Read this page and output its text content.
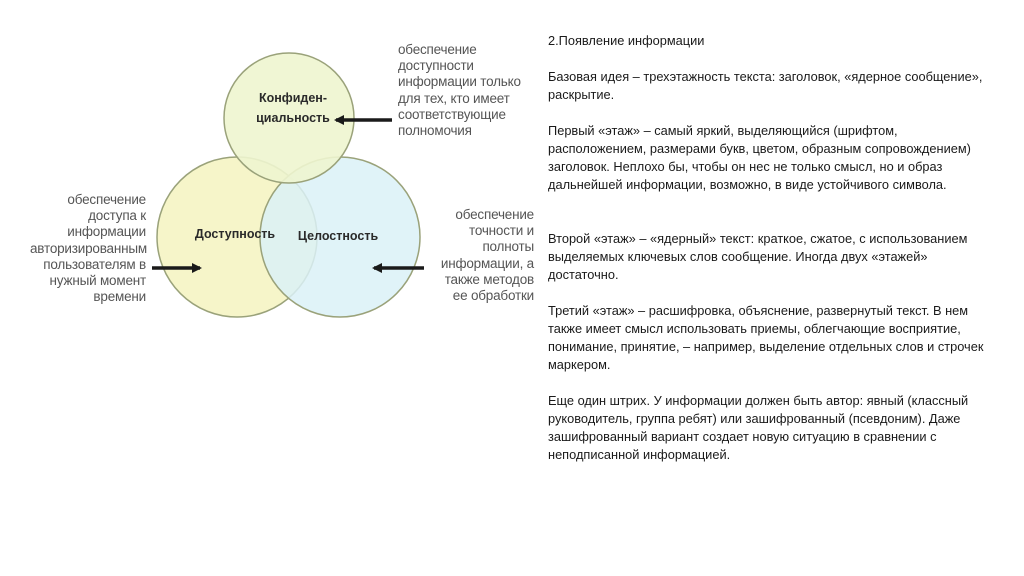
Конфиден-
циальность
Доступность	Целостность
обеспечение
доступности
информации только
для тех, кто имеет
соответствующие
полномочия
обеспечение
доступа к
информации
авторизированным
пользователям в
нужный момент
времени
обеспечение
точности и
полноты
информации, а
также методов
ее обработки

2.Появление информации

Базовая идея – трехэтажность текста: заголовок, «ядерное сообщение», раскрытие.

Первый «этаж» – самый яркий, выделяющийся (шрифтом, расположением, размерами букв, цветом, образным сопровождением) заголовок. Неплохо бы, чтобы он нес не только смысл, но и образ дальнейшей информации, возможно, в виде устойчивого символа.

Второй «этаж» – «ядерный» текст: краткое, сжатое, с использованием выделяемых ключевых слов сообщение. Иногда двух «этажей» достаточно.

Третий «этаж» – расшифровка, объяснение, развернутый текст. В нем также имеет смысл использовать приемы, облегчающие восприятие, понимание, принятие, – например, выделение отдельных слов и строчек маркером.

Еще один штрих. У информации должен быть автор: явный (классный руководитель, группа ребят) или зашифрованный (псевдоним). Даже зашифрованный вариант создает новую ситуацию в сравнении с неподписанной информацией.
